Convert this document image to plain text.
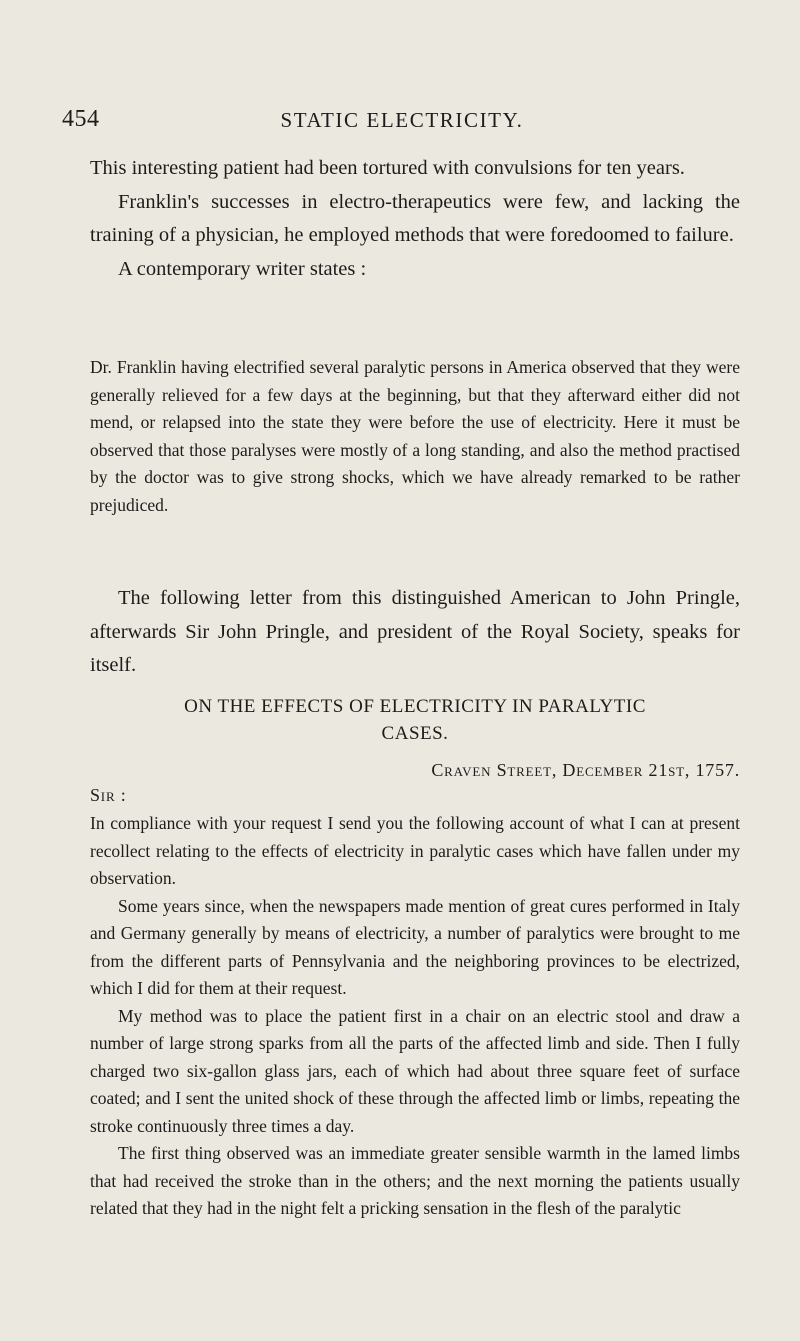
454	STATIC ELECTRICITY.

This interesting patient had been tortured with convulsions for ten years.

Franklin's successes in electro-therapeutics were few, and lacking the training of a physician, he employed methods that were foredoomed to failure.

A contemporary writer states :

Dr. Franklin having electrified several paralytic persons in America observed that they were generally relieved for a few days at the beginning, but that they afterward either did not mend, or relapsed into the state they were before the use of electricity. Here it must be observed that those paralyses were mostly of a long standing, and also the method practised by the doctor was to give strong shocks, which we have already remarked to be rather prejudiced.

The following letter from this distinguished American to John Pringle, afterwards Sir John Pringle, and president of the Royal Society, speaks for itself.

ON THE EFFECTS OF ELECTRICITY IN PARALYTIC
CASES.
Craven Street, December 21st, 1757.
Sir :

In compliance with your request I send you the following account of what I can at present recollect relating to the effects of electricity in paralytic cases which have fallen under my observation.

Some years since, when the newspapers made mention of great cures performed in Italy and Germany generally by means of electricity, a number of paralytics were brought to me from the different parts of Pennsylvania and the neighboring provinces to be electrized, which I did for them at their request.

My method was to place the patient first in a chair on an electric stool and draw a number of large strong sparks from all the parts of the affected limb and side. Then I fully charged two six-gallon glass jars, each of which had about three square feet of surface coated; and I sent the united shock of these through the affected limb or limbs, repeating the stroke continuously three times a day.

The first thing observed was an immediate greater sensible warmth in the lamed limbs that had received the stroke than in the others; and the next morning the patients usually related that they had in the night felt a pricking sensation in the flesh of the paralytic
